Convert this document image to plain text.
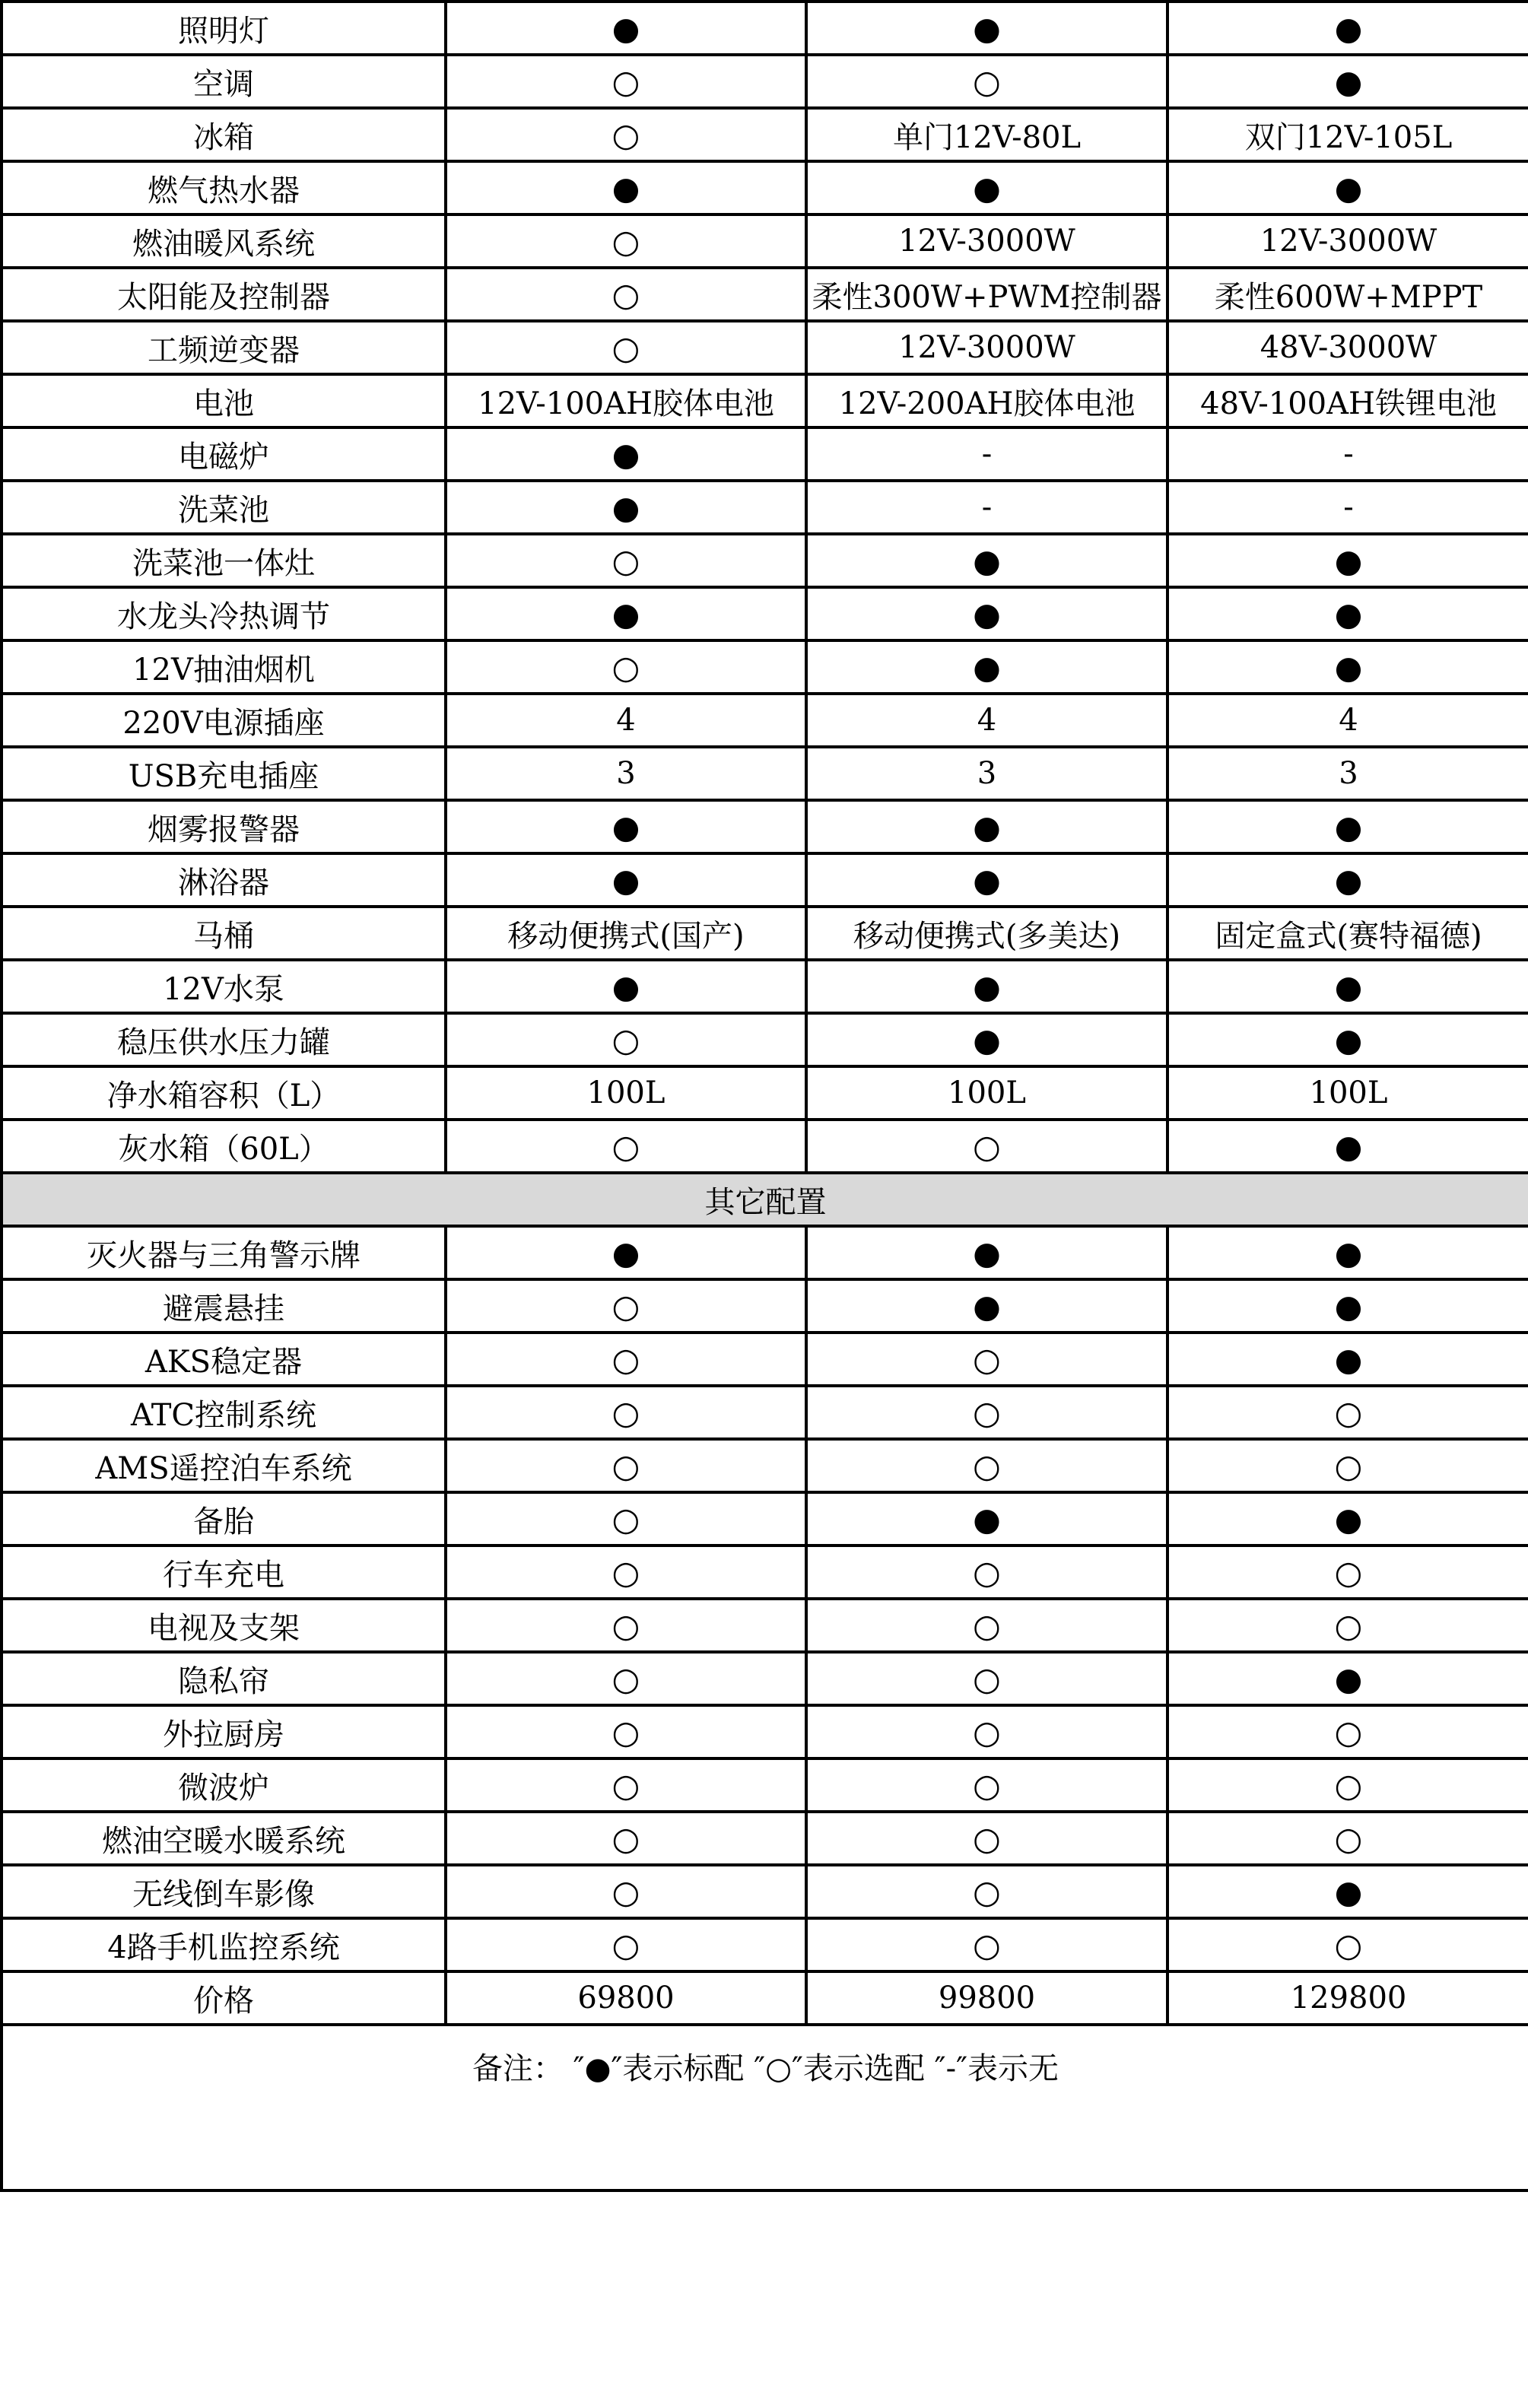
照明灯	●	●	●
空调	○	○	●
冰箱	○	单门12V-80L	双门12V-105L
燃气热水器	●	●	●
燃油暖风系统	○	12V-3000W	12V-3000W
太阳能及控制器	○	柔性300W+PWM控制器	柔性600W+MPPT
工频逆变器	○	12V-3000W	48V-3000W
电池	12V-100AH胶体电池	12V-200AH胶体电池	48V-100AH铁锂电池
电磁炉	●	-	-
洗菜池	●	-	-
洗菜池一体灶	○	●	●
水龙头冷热调节	●	●	●
12V抽油烟机	○	●	●
220V电源插座	4	4	4
USB充电插座	3	3	3
烟雾报警器	●	●	●
淋浴器	●	●	●
马桶	移动便携式(国产)	移动便携式(多美达)	固定盒式(赛特福德)
12V水泵	●	●	●
稳压供水压力罐	○	●	●
净水箱容积（L）	100L	100L	100L
灰水箱（60L）	○	○	●
其它配置			
灭火器与三角警示牌	●	●	●
避震悬挂	○	●	●
AKS稳定器	○	○	●
ATC控制系统	○	○	○
AMS遥控泊车系统	○	○	○
备胎	○	●	●
行车充电	○	○	○
电视及支架	○	○	○
隐私帘	○	○	●
外拉厨房	○	○	○
微波炉	○	○	○
燃油空暖水暖系统	○	○	○
无线倒车影像	○	○	●
4路手机监控系统	○	○	○
价格	69800	99800	129800
备注： ″●″表示标配 ″○″表示选配 ″-″表示无			
